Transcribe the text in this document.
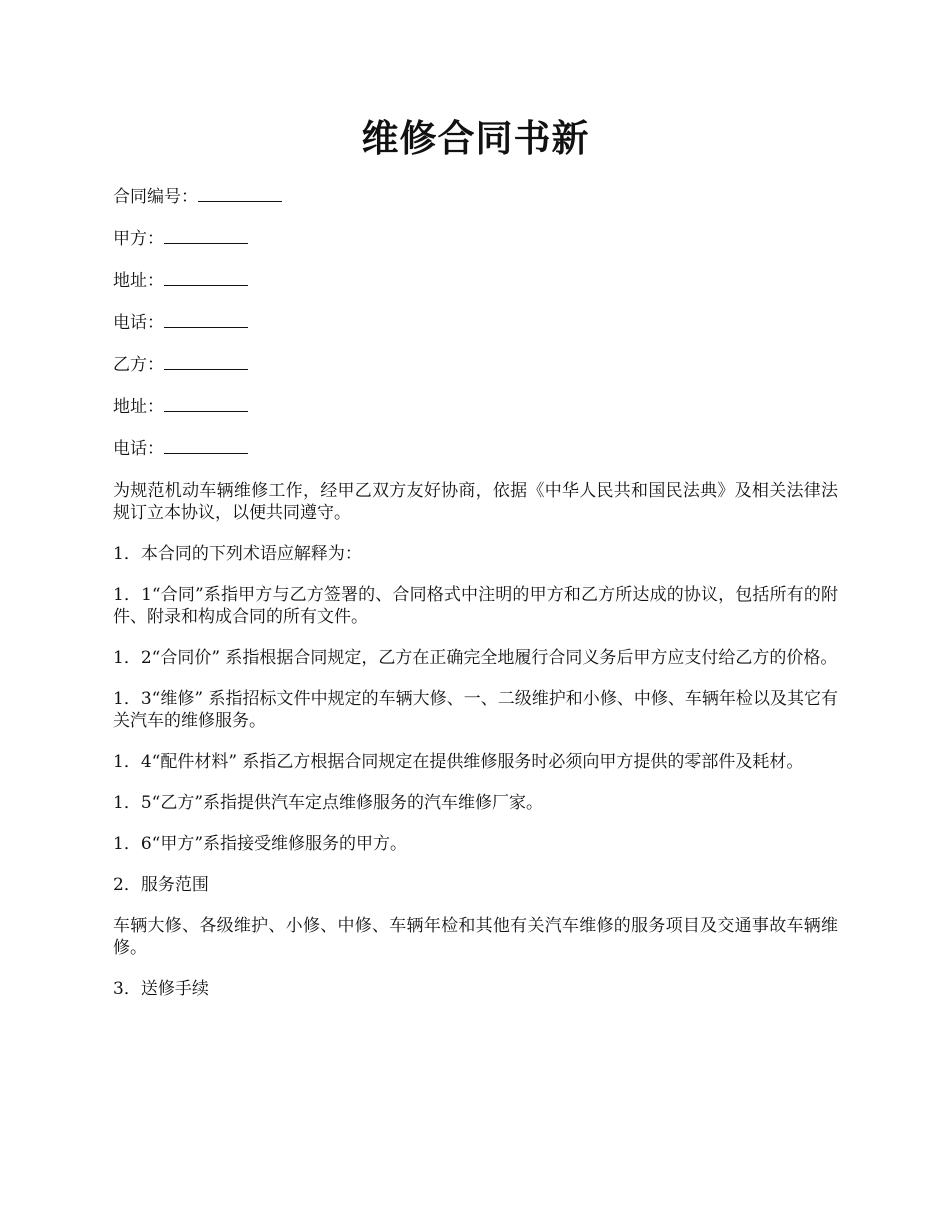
维修合同书新
合同编号：
甲方：
地址：
电话：
乙方：
地址：
电话：

为规范机动车辆维修工作，经甲乙双方友好协商，依据《中华人民共和国民法典》及相关法律法规订立本协议，以便共同遵守。

1．本合同的下列术语应解释为：

1．1“合同”系指甲方与乙方签署的、合同格式中注明的甲方和乙方所达成的协议，包括所有的附件、附录和构成合同的所有文件。

1．2“合同价” 系指根据合同规定，乙方在正确完全地履行合同义务后甲方应支付给乙方的价格。

1．3“维修” 系指招标文件中规定的车辆大修、一、二级维护和小修、中修、车辆年检以及其它有关汽车的维修服务。

1．4“配件材料” 系指乙方根据合同规定在提供维修服务时必须向甲方提供的零部件及耗材。

1．5“乙方”系指提供汽车定点维修服务的汽车维修厂家。

1．6“甲方”系指接受维修服务的甲方。

2．服务范围

车辆大修、各级维护、小修、中修、车辆年检和其他有关汽车维修的服务项目及交通事故车辆维修。

3．送修手续
